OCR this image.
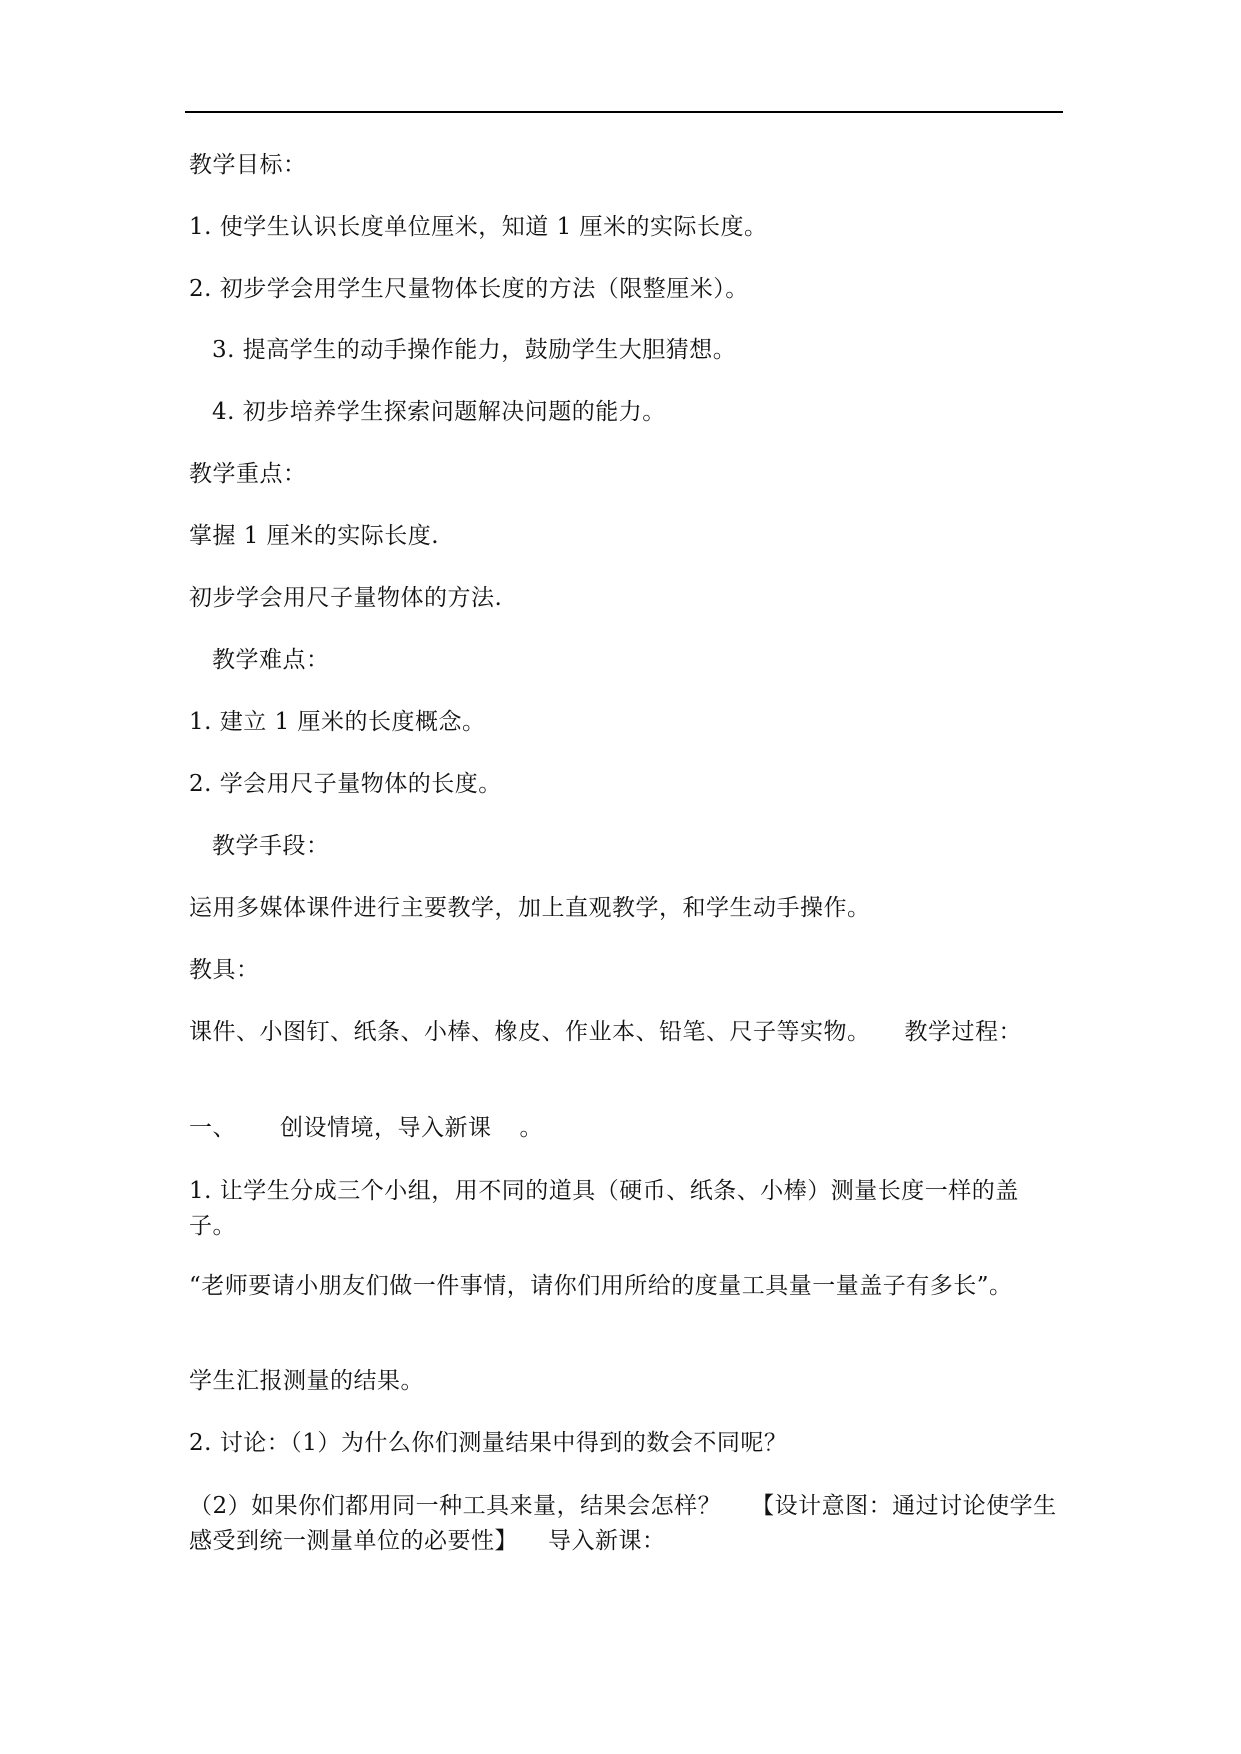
教学目标：
1. 使学生认识长度单位厘米，知道 1 厘米的实际长度。
2. 初步学会用学生尺量物体长度的方法（限整厘米）。
3. 提高学生的动手操作能力，鼓励学生大胆猜想。
4. 初步培养学生探索问题解决问题的能力。
教学重点：
掌握 1 厘米的实际长度.
初步学会用尺子量物体的方法.
教学难点：
1. 建立 1 厘米的长度概念。
2. 学会用尺子量物体的长度。
教学手段：
运用多媒体课件进行主要教学，加上直观教学，和学生动手操作。
教具：
课件、小图钉、纸条、小棒、橡皮、作业本、铅笔、尺子等实物。 教学过程：
一、 创设情境，导入新课 。
1. 让学生分成三个小组，用不同的道具（硬币、纸条、小棒）测量长度一样的盖子。
“老师要请小朋友们做一件事情，请你们用所给的度量工具量一量盖子有多长”。
学生汇报测量的结果。
2. 讨论：（1）为什么你们测量结果中得到的数会不同呢？
（2）如果你们都用同一种工具来量，结果会怎样？ 【设计意图：通过讨论使学生感受到统一测量单位的必要性】 导入新课：
